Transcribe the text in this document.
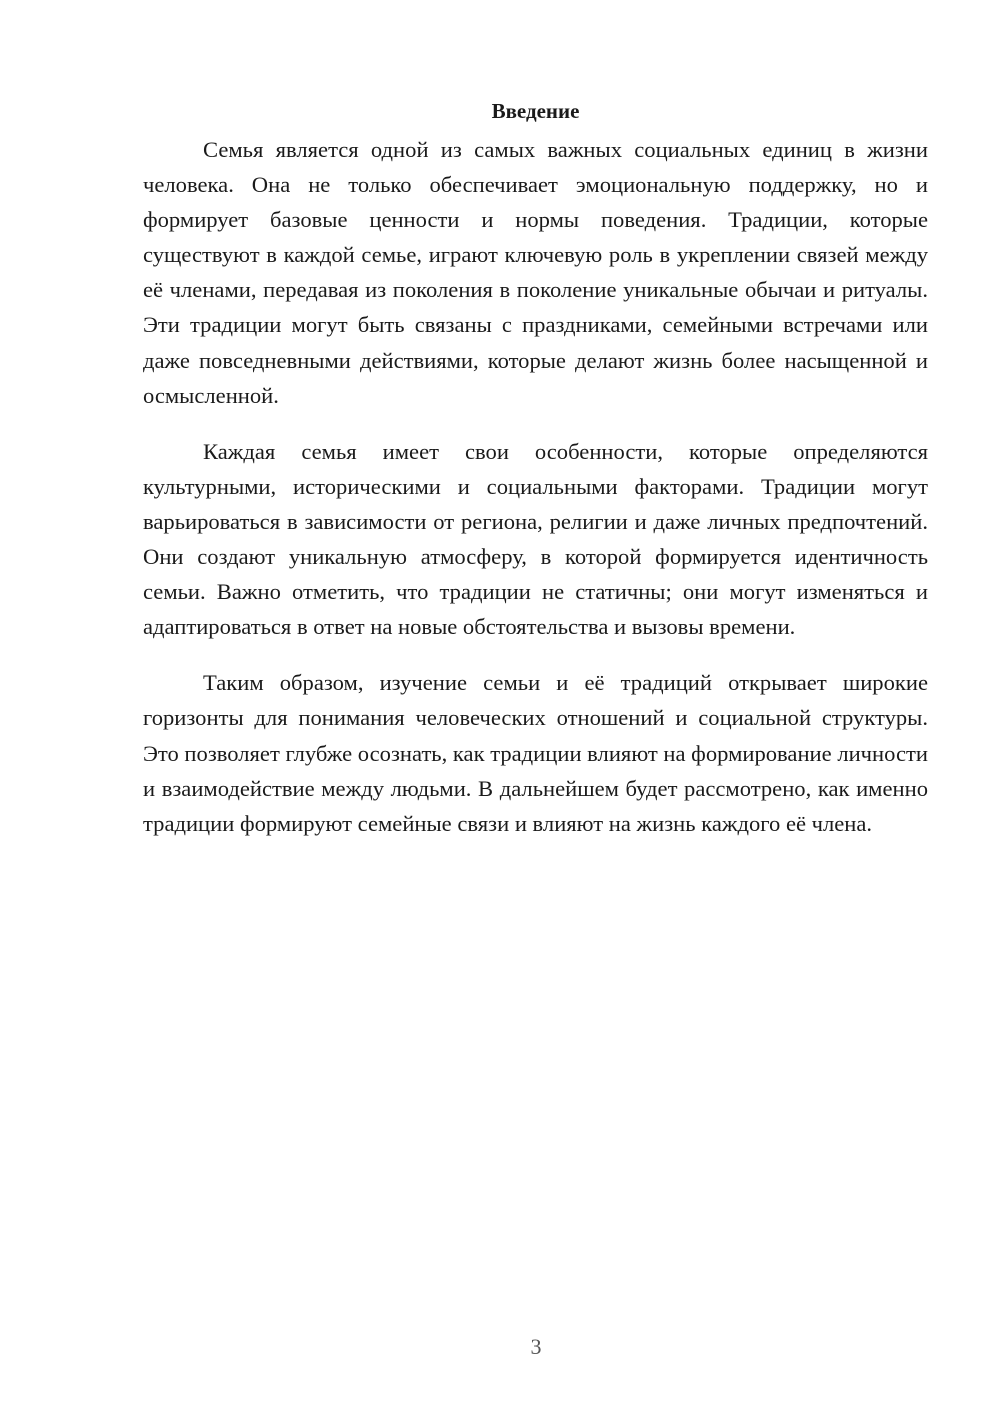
Введение

Семья является одной из самых важных социальных единиц в жизни человека. Она не только обеспечивает эмоциональную поддержку, но и формирует базовые ценности и нормы поведения. Традиции, которые существуют в каждой семье, играют ключевую роль в укреплении связей между её членами, передавая из поколения в поколение уникальные обычаи и ритуалы. Эти традиции могут быть связаны с праздниками, семейными встречами или даже повседневными действиями, которые делают жизнь более насыщенной и осмысленной.

Каждая семья имеет свои особенности, которые определяются культурными, историческими и социальными факторами. Традиции могут варьироваться в зависимости от региона, религии и даже личных предпочтений. Они создают уникальную атмосферу, в которой формируется идентичность семьи. Важно отметить, что традиции не статичны; они могут изменяться и адаптироваться в ответ на новые обстоятельства и вызовы времени.

Таким образом, изучение семьи и её традиций открывает широкие горизонты для понимания человеческих отношений и социальной структуры. Это позволяет глубже осознать, как традиции влияют на формирование личности и взаимодействие между людьми. В дальнейшем будет рассмотрено, как именно традиции формируют семейные связи и влияют на жизнь каждого её члена.

3
